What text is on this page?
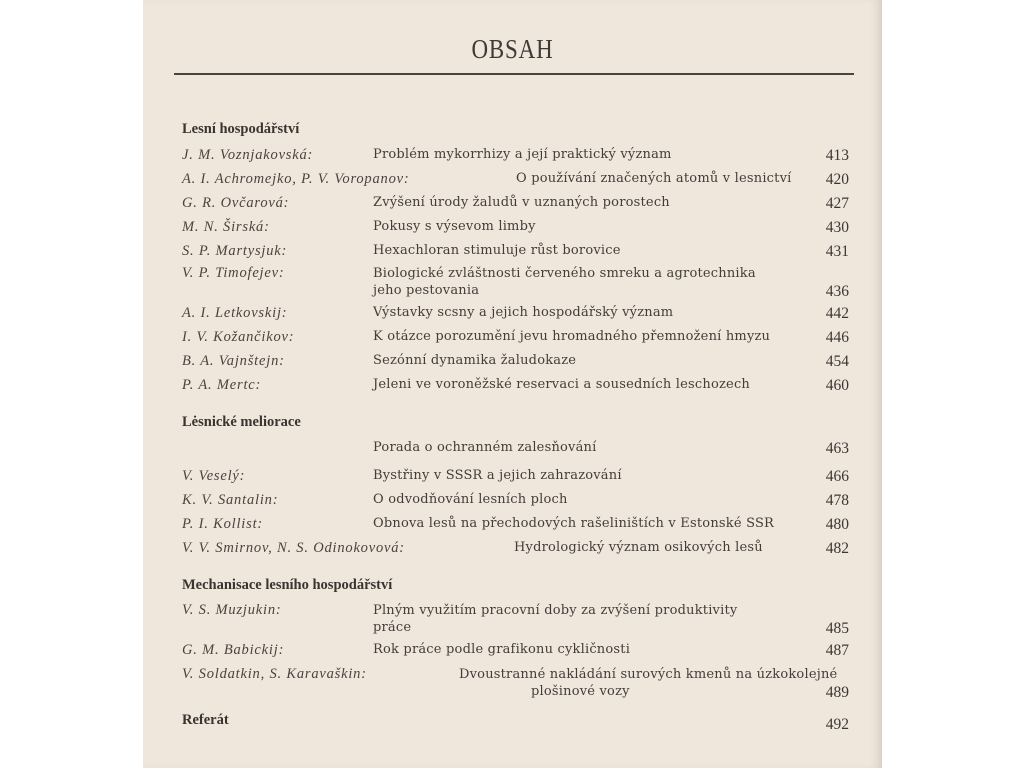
OBSAH
Lesní hospodářství
J. M. Voznjakovská:	Problém mykorrhizy a její praktický význam	413
A. I. Achromejko, P. V. Voropanov:	O používání značených atomů v lesnictví 420
G. R. Ovčarová:	Zvýšení úrody žaludů v uznaných porostech	427
M. N. Širská:	Pokusy s výsevom limby	430
S. P. Martysjuk:	Hexachloran stimuluje růst borovice	431
V. P. Timofejev:	Biologické zvláštnosti červeného smreku a agrotechnika
jeho pestovania	436
A. I. Letkovskij:	Výstavky scsny a jejich hospodářský význam	442
I. V. Kožančikov:	K otázce porozumění jevu hromadného přemnožení hmyzu	446
B. A. Vajnštejn:	Sezónní dynamika žaludokaze	454
P. A. Mertc:	Jeleni ve voroněžské reservaci a sousedních leschozech	460
Lėsnické meliorace
Porada o ochranném zalesňování	463
V. Veselý:	Bystřiny v SSSR a jejich zahrazování	466
K. V. Santalin:	O odvodňování lesních ploch	478
P. I. Kollist:	Obnova lesů na přechodových rašeliništích v Estonské SSR	480
V. V. Smirnov, N. S. Odinokovová:	Hydrologický význam osikových lesů	482
Mechanisace lesního hospodářství
V. S. Muzjukin:	Plným využitím pracovní doby za zvýšení produktivity
práce	485
G. M. Babickij:	Rok práce podle grafikonu cykličnosti	487
V. Soldatkin, S. Karavaškin:	Dvoustranné nakládání surových kmenů na úzkokolejné
plošinové vozy	489
Referát	492
